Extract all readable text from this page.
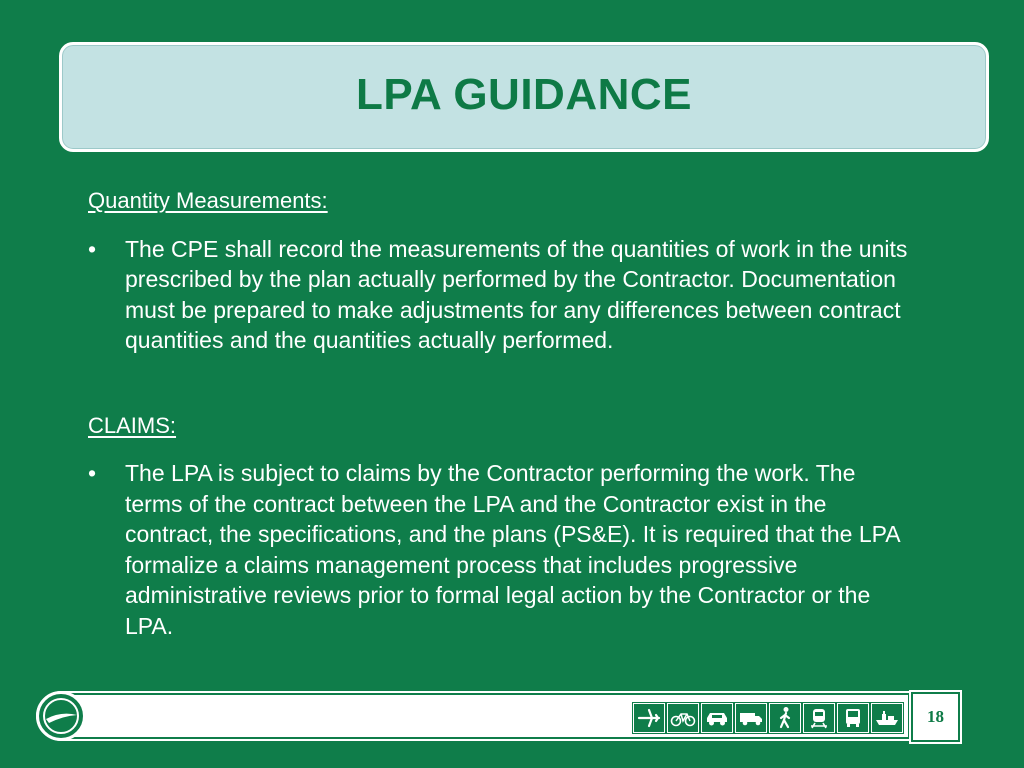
LPA GUIDANCE

Quantity Measurements:

•	The CPE shall record the measurements of the quantities of work in the units prescribed by the plan actually performed by the Contractor. Documentation must be prepared to make adjustments for any differences between contract quantities and the quantities actually performed.

CLAIMS:

•	The LPA is subject to claims by the Contractor performing the work. The terms of the contract between the LPA and the Contractor exist in the contract, the specifications, and the plans (PS&E). It is required that the LPA formalize a claims management process that includes progressive administrative reviews prior to formal legal action by the Contractor or the LPA.
18
